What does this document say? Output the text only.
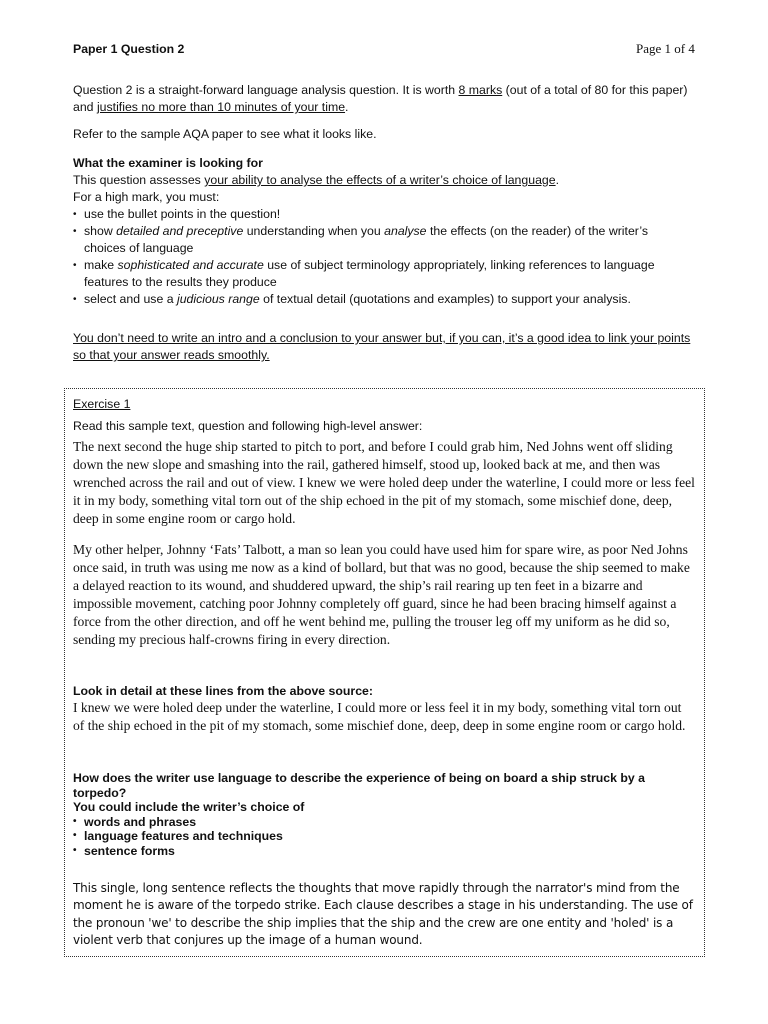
Paper 1 Question 2	Page 1 of 4

Question 2 is a straight-forward language analysis question. It is worth 8 marks (out of a total of 80 for this paper) and justifies no more than 10 minutes of your time.

Refer to the sample AQA paper to see what it looks like.

What the examiner is looking for
This question assesses your ability to analyse the effects of a writer’s choice of language.
For a high mark, you must:
• use the bullet points in the question!
• show detailed and preceptive understanding when you analyse the effects (on the reader) of the writer’s choices of language
• make sophisticated and accurate use of subject terminology appropriately, linking references to language features to the results they produce
• select and use a judicious range of textual detail (quotations and examples) to support your analysis.

You don’t need to write an intro and a conclusion to your answer but, if you can, it’s a good idea to link your points so that your answer reads smoothly.

Exercise 1

Read this sample text, question and following high-level answer:

The next second the huge ship started to pitch to port, and before I could grab him, Ned Johns went off sliding down the new slope and smashing into the rail, gathered himself, stood up, looked back at me, and then was wrenched across the rail and out of view. I knew we were holed deep under the waterline, I could more or less feel it in my body, something vital torn out of the ship echoed in the pit of my stomach, some mischief done, deep, deep in some engine room or cargo hold.

My other helper, Johnny ‘Fats’ Talbott, a man so lean you could have used him for spare wire, as poor Ned Johns once said, in truth was using me now as a kind of bollard, but that was no good, because the ship seemed to make a delayed reaction to its wound, and shuddered upward, the ship’s rail rearing up ten feet in a bizarre and impossible movement, catching poor Johnny completely off guard, since he had been bracing himself against a force from the other direction, and off he went behind me, pulling the trouser leg off my uniform as he did so, sending my precious half-crowns firing in every direction.

Look in detail at these lines from the above source:

I knew we were holed deep under the waterline, I could more or less feel it in my body, something vital torn out of the ship echoed in the pit of my stomach, some mischief done, deep, deep in some engine room or cargo hold.

How does the writer use language to describe the experience of being on board a ship struck by a torpedo?
You could include the writer’s choice of
• words and phrases
• language features and techniques
• sentence forms

This single, long sentence reflects the thoughts that move rapidly through the narrator's mind from the moment he is aware of the torpedo strike. Each clause describes a stage in his understanding. The use of the pronoun 'we' to describe the ship implies that the ship and the crew are one entity and 'holed' is a violent verb that conjures up the image of a human wound.
